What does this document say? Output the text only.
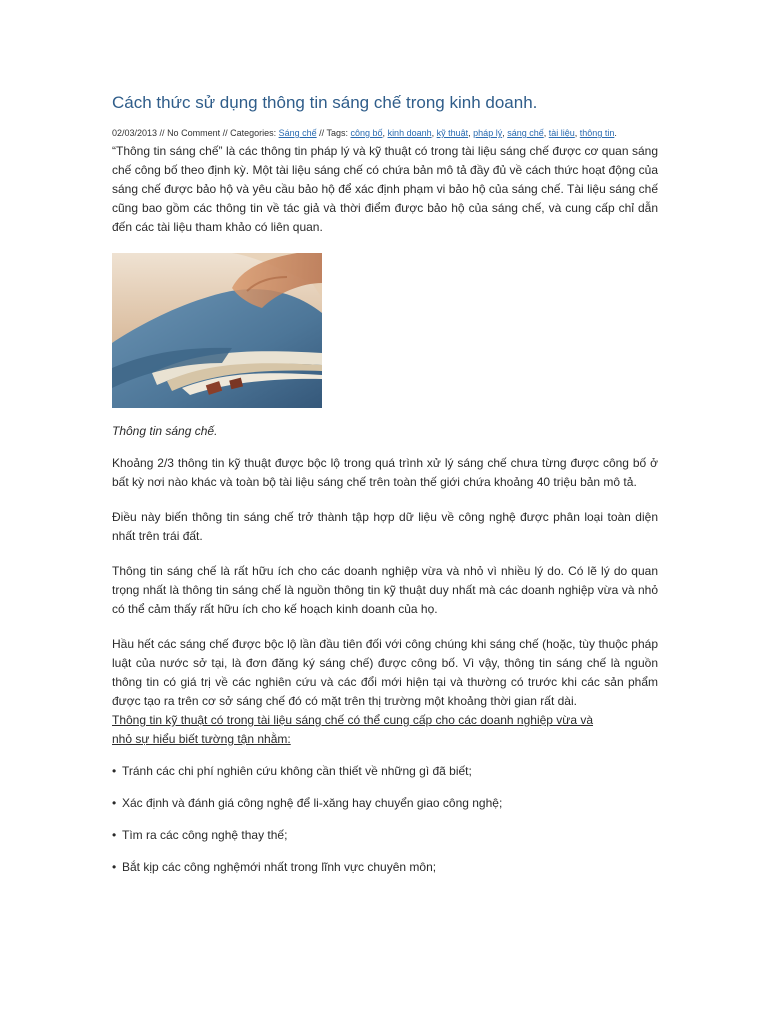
Cách thức sử dụng thông tin sáng chế trong kinh doanh.

02/03/2013 // No Comment // Categories: Sáng chế // Tags: công bố, kinh doanh, kỹ thuật, pháp lý, sáng chế, tài liệu, thông tin.

“Thông tin sáng chế” là các thông tin pháp lý và kỹ thuật có trong tài liệu sáng chế được cơ quan sáng chế công bố theo định kỳ. Một tài liệu sáng chế có chứa bản mô tả đầy đủ về cách thức hoạt động của sáng chế được bảo hộ và yêu cầu bảo hộ để xác định phạm vi bảo hộ của sáng chế. Tài liệu sáng chế cũng bao gồm các thông tin về tác giả và thời điểm được bảo hộ của sáng chế, và cung cấp chỉ dẫn đến các tài liệu tham khảo có liên quan.

Thông tin sáng chế.

Khoảng 2/3 thông tin kỹ thuật được bộc lộ trong quá trình xử lý sáng chế chưa từng được công bố ở bất kỳ nơi nào khác và toàn bộ tài liệu sáng chế trên toàn thế giới chứa khoảng 40 triệu bản mô tả.

Điều này biến thông tin sáng chế trở thành tập hợp dữ liệu về công nghệ được phân loại toàn diện nhất trên trái đất.

Thông tin sáng chế là rất hữu ích cho các doanh nghiệp vừa và nhỏ vì nhiều lý do. Có lẽ lý do quan trọng nhất là thông tin sáng chế là nguồn thông tin kỹ thuật duy nhất mà các doanh nghiệp vừa và nhỏ có thể cảm thấy rất hữu ích cho kế hoạch kinh doanh của họ.

Hầu hết các sáng chế được bộc lộ lần đầu tiên đối với công chúng khi sáng chế (hoặc, tùy thuộc pháp luật của nước sở tại, là đơn đăng ký sáng chế) được công bố. Vì vậy, thông tin sáng chế là nguồn thông tin có giá trị về các nghiên cứu và các đổi mới hiện tại và thường có trước khi các sản phẩm được tạo ra trên cơ sở sáng chế đó có mặt trên thị trường một khoảng thời gian rất dài.

Thông tin kỹ thuật có trong tài liệu sáng chế có thể cung cấp cho các doanh nghiệp vừa và

nhỏ sự hiểu biết tường tận nhằm:

• Tránh các chi phí nghiên cứu không cần thiết về những gì đã biết;
• Xác định và đánh giá công nghệ để li-xăng hay chuyển giao công nghệ;
• Tìm ra các công nghệ thay thế;
• Bắt kịp các công nghệmới nhất trong lĩnh vực chuyên môn;
